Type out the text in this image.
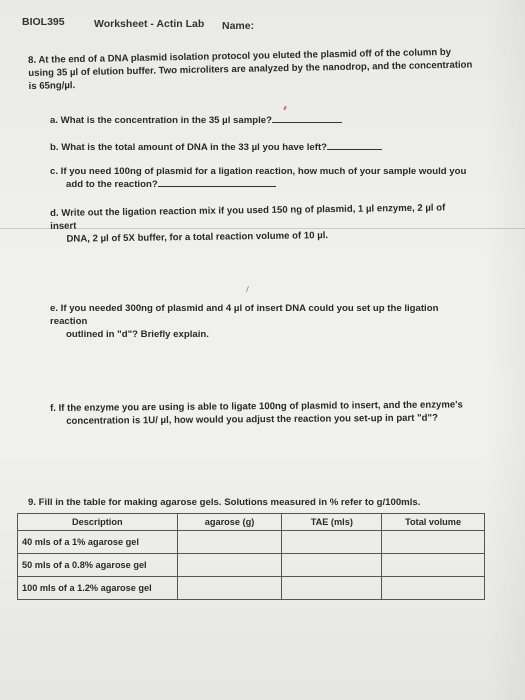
BIOL395	Worksheet - Actin Lab Name:
8. At the end of a DNA plasmid isolation protocol you eluted the plasmid off of the column by using 35 µl of elution buffer. Two microliters are analyzed by the nanodrop, and the concentration is 65ng/µl.
a. What is the concentration in the 35 µl sample?
b. What is the total amount of DNA in the 33 µl you have left?
c. If you need 100ng of plasmid for a ligation reaction, how much of your sample would you
add to the reaction?
d. Write out the ligation reaction mix if you used 150 ng of plasmid, 1 µl enzyme, 2 µl of insert
DNA, 2 µl of 5X buffer, for a total reaction volume of 10 µl.
e. If you needed 300ng of plasmid and 4 µl of insert DNA could you set up the ligation reaction
outlined in "d"? Briefly explain.
f. If the enzyme you are using is able to ligate 100ng of plasmid to insert, and the enzyme's
concentration is 1U/ µl, how would you adjust the reaction you set-up in part "d"?
9. Fill in the table for making agarose gels. Solutions measured in % refer to g/100mls.
Description	agarose (g)	TAE (mls)	Total volume
40 mls of a 1% agarose gel			
50 mls of a 0.8% agarose gel			
100 mls of a 1.2% agarose gel			
